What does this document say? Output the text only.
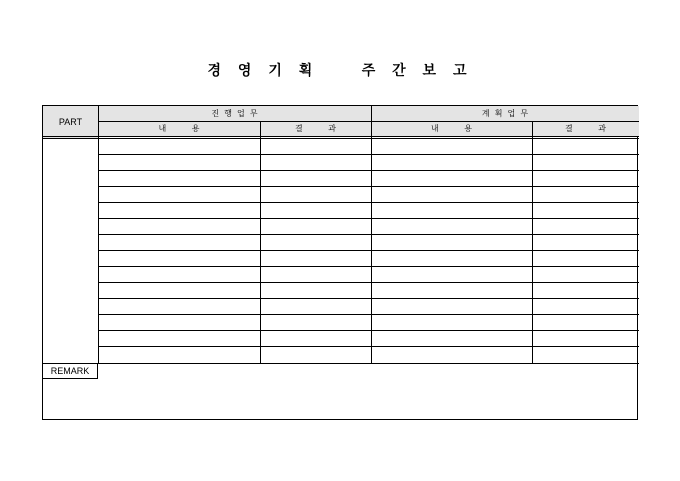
경 영 기 획    주 간 보 고
PART
진  행  업  무	계  획  업  무
내          용	결          과	내          용	결          과
REMARK
